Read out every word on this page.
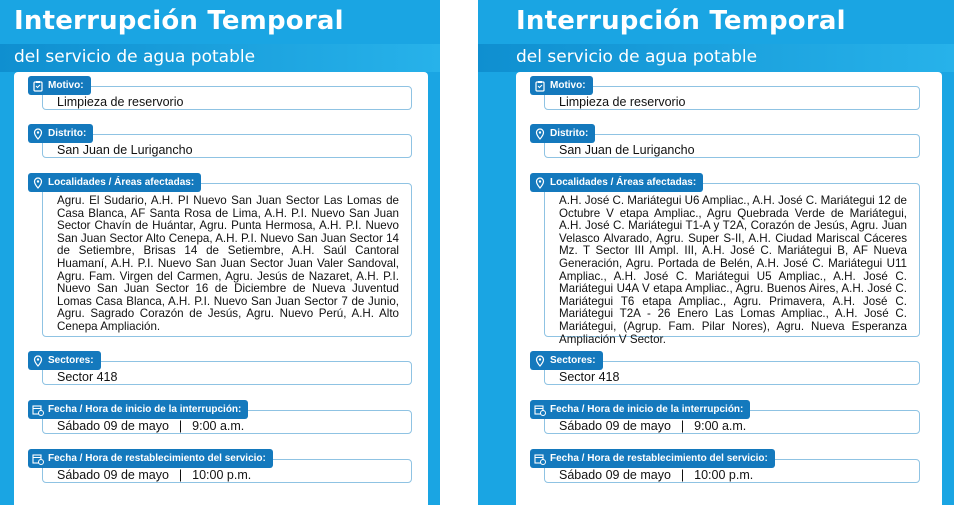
Interrupción Temporal
del servicio de agua potable
Motivo:
Limpieza de reservorio
Distrito:
San Juan de Lurigancho
Localidades / Áreas afectadas:
Agru. El Sudario, A.H. PI Nuevo San Juan Sector Las Lomas de Casa Blanca, AF Santa Rosa de Lima, A.H. P.I. Nuevo San Juan Sector Chavín de Huántar, Agru. Punta Hermosa, A.H. P.I. Nuevo San Juan Sector Alto Cenepa, A.H. P.I. Nuevo San Juan Sector 14 de Setiembre, Brisas 14 de Setiembre, A.H. Saúl Cantoral Huamaní, A.H. P.I. Nuevo San Juan Sector Juan Valer Sandoval, Agru. Fam. Virgen del Carmen, Agru. Jesús de Nazaret, A.H. P.I. Nuevo San Juan Sector 16 de Diciembre de Nueva Juventud Lomas Casa Blanca, A.H. P.I. Nuevo San Juan Sector 7 de Junio, Agru. Sagrado Corazón de Jesús, Agru. Nuevo Perú, A.H. Alto Cenepa Ampliación.
Sectores:
Sector 418
Fecha / Hora de inicio de la interrupción:
Sábado 09 de mayo | 9:00 a.m.
Fecha / Hora de restablecimiento del servicio:
Sábado 09 de mayo | 10:00 p.m.
Interrupción Temporal
del servicio de agua potable
Motivo:
Limpieza de reservorio
Distrito:
San Juan de Lurigancho
Localidades / Áreas afectadas:
A.H. José C. Mariátegui U6 Ampliac., A.H. José C. Mariátegui 12 de Octubre V etapa Ampliac., Agru Quebrada Verde de Mariátegui, A.H. José C. Mariátegui T1-A y T2A, Corazón de Jesús, Agru. Juan Velasco Alvarado, Agru. Super S-II, A.H. Ciudad Mariscal Cáceres Mz. T Sector III Ampl. III, A.H. José C. Mariátegui B, AF Nueva Generación, Agru. Portada de Belén, A.H. José C. Mariátegui U11 Ampliac., A.H. José C. Mariátegui U5 Ampliac., A.H. José C. Mariátegui U4A V etapa Ampliac., Agru. Buenos Aires, A.H. José C. Mariátegui T6 etapa Ampliac., Agru. Primavera, A.H. José C. Mariátegui T2A - 26 Enero Las Lomas Ampliac., A.H. José C. Mariátegui, (Agrup. Fam. Pilar Nores), Agru. Nueva Esperanza Ampliación V Sector.
Sectores:
Sector 418
Fecha / Hora de inicio de la interrupción:
Sábado 09 de mayo | 9:00 a.m.
Fecha / Hora de restablecimiento del servicio:
Sábado 09 de mayo | 10:00 p.m.
